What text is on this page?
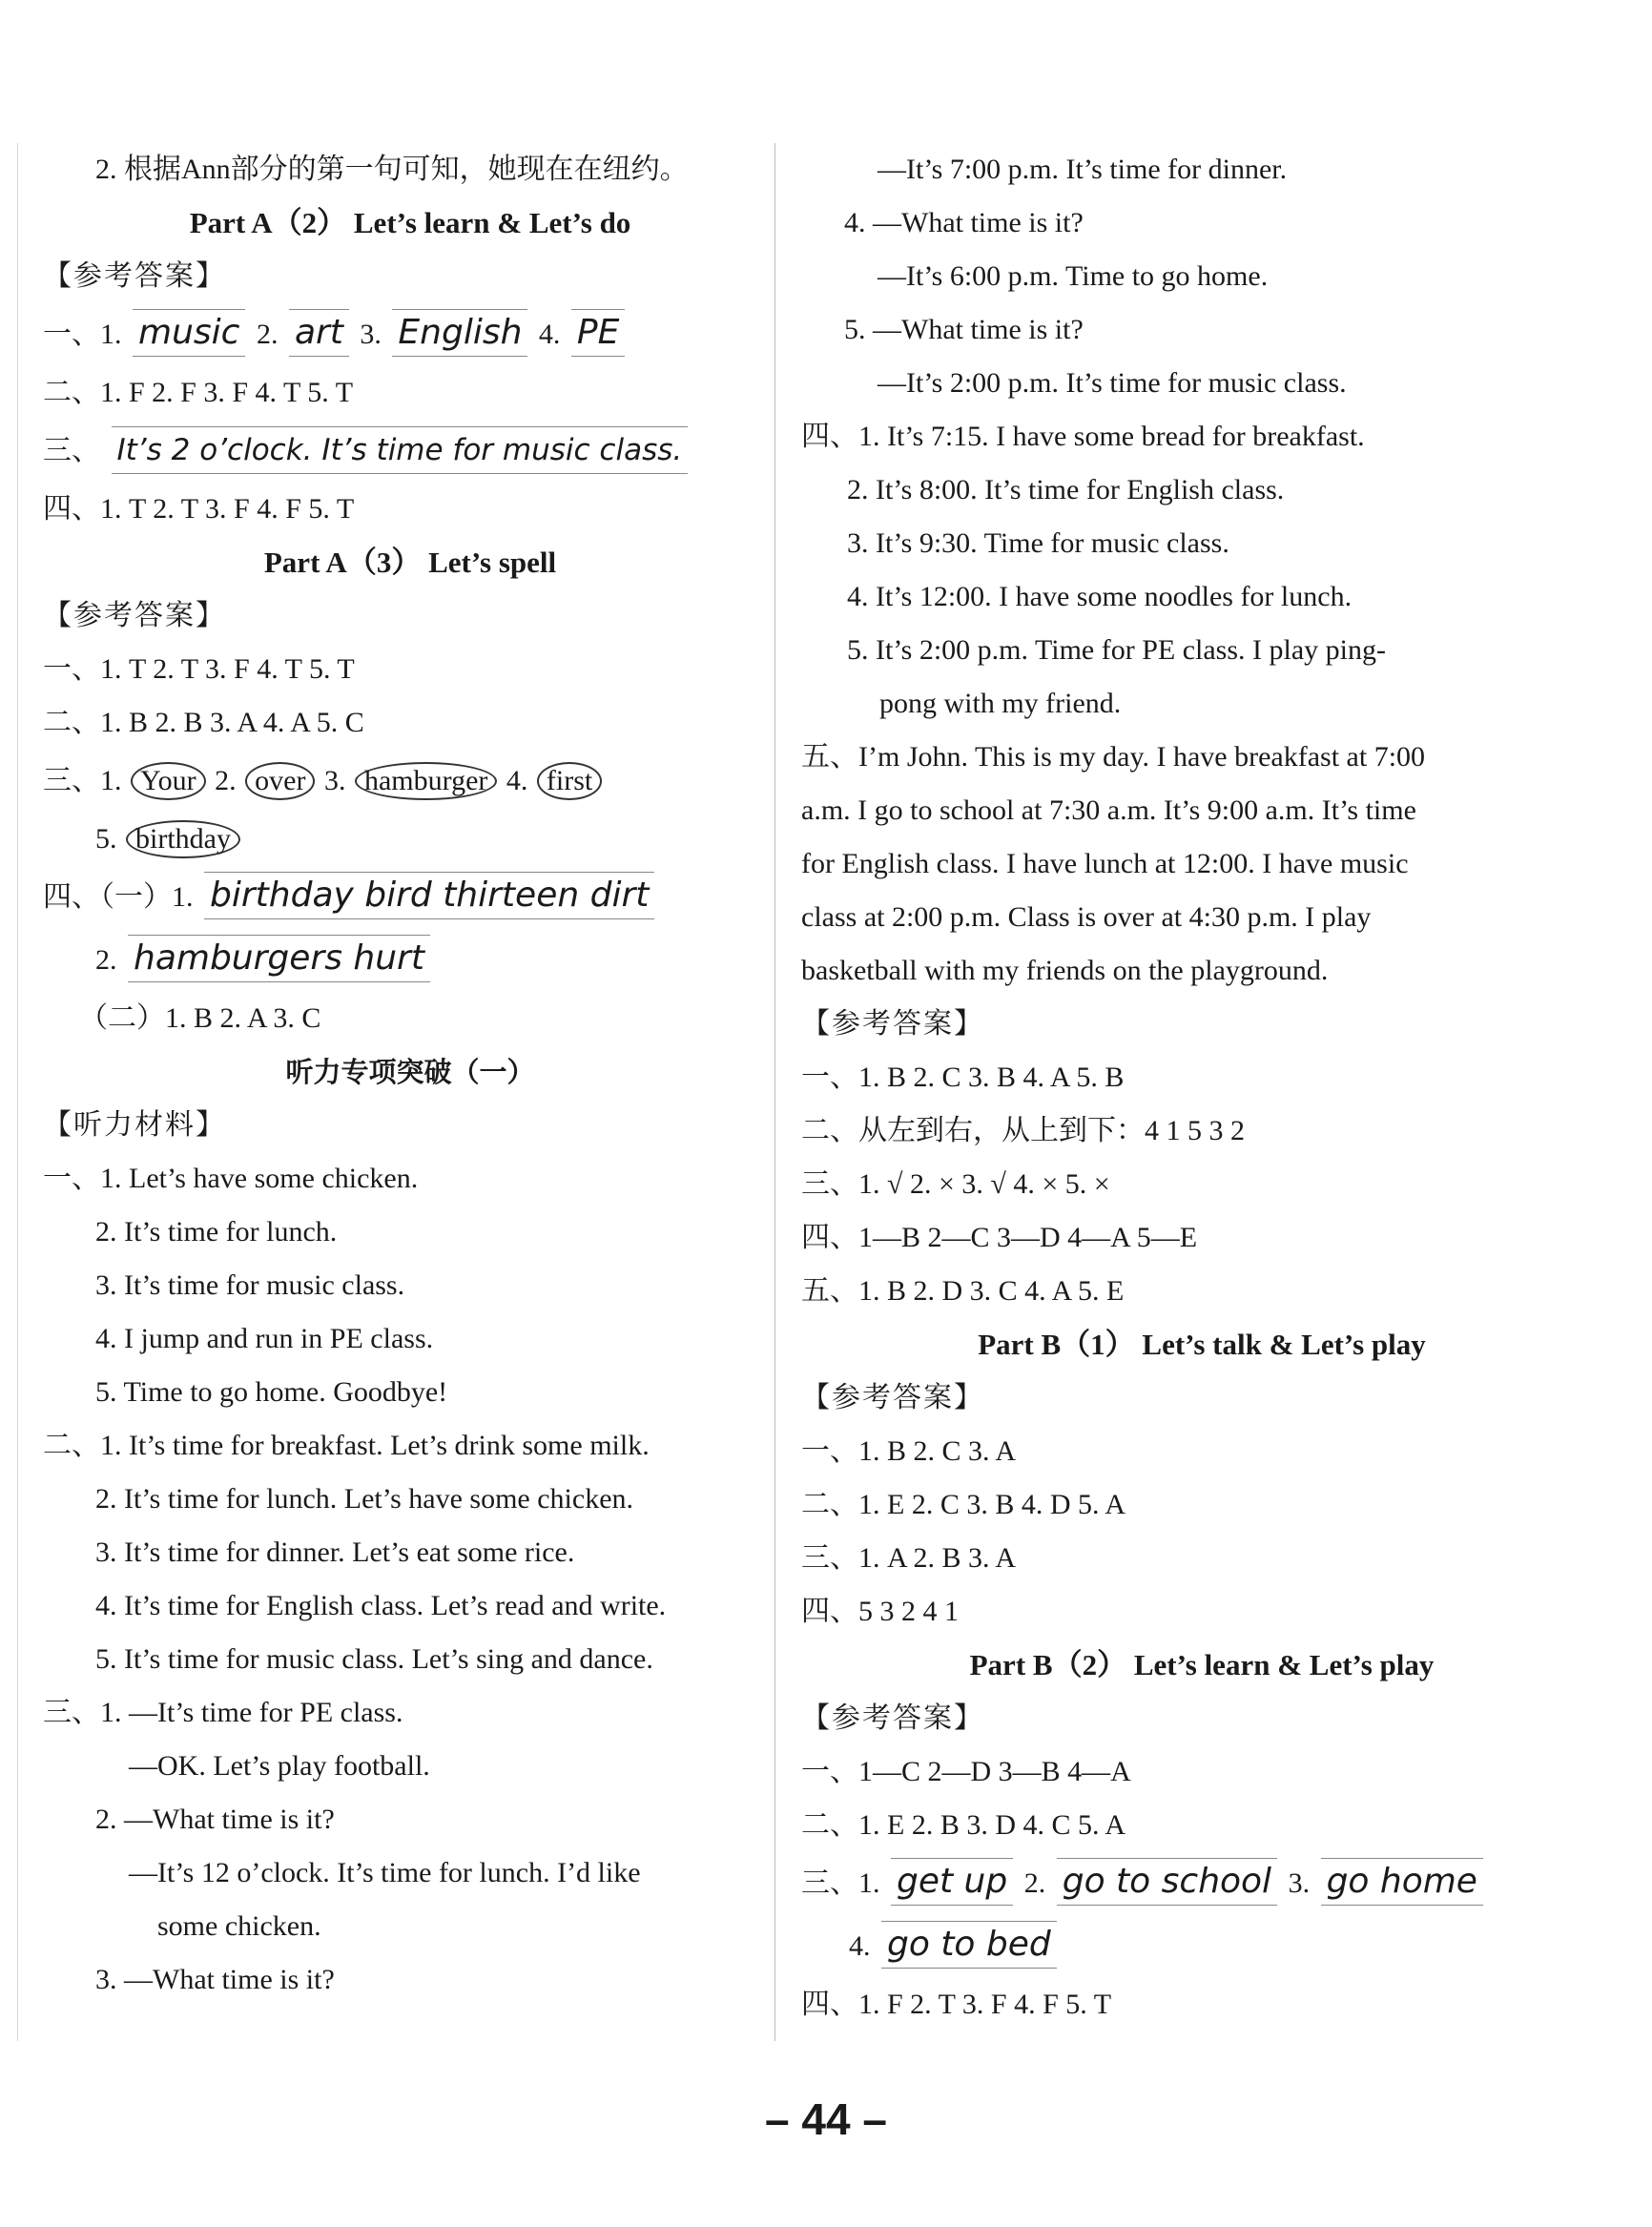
2. 根据Ann部分的第一句可知，她现在在纽约。
Part A（2） Let’s learn & Let’s do
【参考答案】
一、1. music 2. art 3. English 4. PE
二、1. F 2. F 3. F 4. T 5. T
三、 It’s 2 o’clock. It’s time for music class.
四、1. T 2. T 3. F 4. F 5. T
Part A（3） Let’s spell
【参考答案】
一、1. T 2. T 3. F 4. T 5. T
二、1. B 2. B 3. A 4. A 5. C
三、1. Your 2. over 3. hamburger 4. first
5. birthday
四、（一）1. birthday bird thirteen dirt
2. hamburgers hurt
（二）1. B 2. A 3. C
听力专项突破（一）
【听力材料】
一、1. Let’s have some chicken.
2. It’s time for lunch.
3. It’s time for music class.
4. I jump and run in PE class.
5. Time to go home. Goodbye!
二、1. It’s time for breakfast. Let’s drink some milk.
2. It’s time for lunch. Let’s have some chicken.
3. It’s time for dinner. Let’s eat some rice.
4. It’s time for English class. Let’s read and write.
5. It’s time for music class. Let’s sing and dance.
三、1. —It’s time for PE class.
—OK. Let’s play football.
2. —What time is it?
—It’s 12 o’clock. It’s time for lunch. I’d like
some chicken.
3. —What time is it?
—It’s 7:00 p.m. It’s time for dinner.
4. —What time is it?
—It’s 6:00 p.m. Time to go home.
5. —What time is it?
—It’s 2:00 p.m. It’s time for music class.
四、1. It’s 7:15. I have some bread for breakfast.
2. It’s 8:00. It’s time for English class.
3. It’s 9:30. Time for music class.
4. It’s 12:00. I have some noodles for lunch.
5. It’s 2:00 p.m. Time for PE class. I play ping-
pong with my friend.
五、I’m John. This is my day. I have breakfast at 7:00
a.m. I go to school at 7:30 a.m. It’s 9:00 a.m. It’s time
for English class. I have lunch at 12:00. I have music
class at 2:00 p.m. Class is over at 4:30 p.m. I play
basketball with my friends on the playground.
【参考答案】
一、1. B 2. C 3. B 4. A 5. B
二、从左到右，从上到下：4 1 5 3 2
三、1. √ 2. × 3. √ 4. × 5. ×
四、1—B 2—C 3—D 4—A 5—E
五、1. B 2. D 3. C 4. A 5. E
Part B（1） Let’s talk & Let’s play
【参考答案】
一、1. B 2. C 3. A
二、1. E 2. C 3. B 4. D 5. A
三、1. A 2. B 3. A
四、5 3 2 4 1
Part B（2） Let’s learn & Let’s play
【参考答案】
一、1—C 2—D 3—B 4—A
二、1. E 2. B 3. D 4. C 5. A
三、1. get up 2. go to school 3. go home
4. go to bed
四、1. F 2. T 3. F 4. F 5. T
– 44 –
